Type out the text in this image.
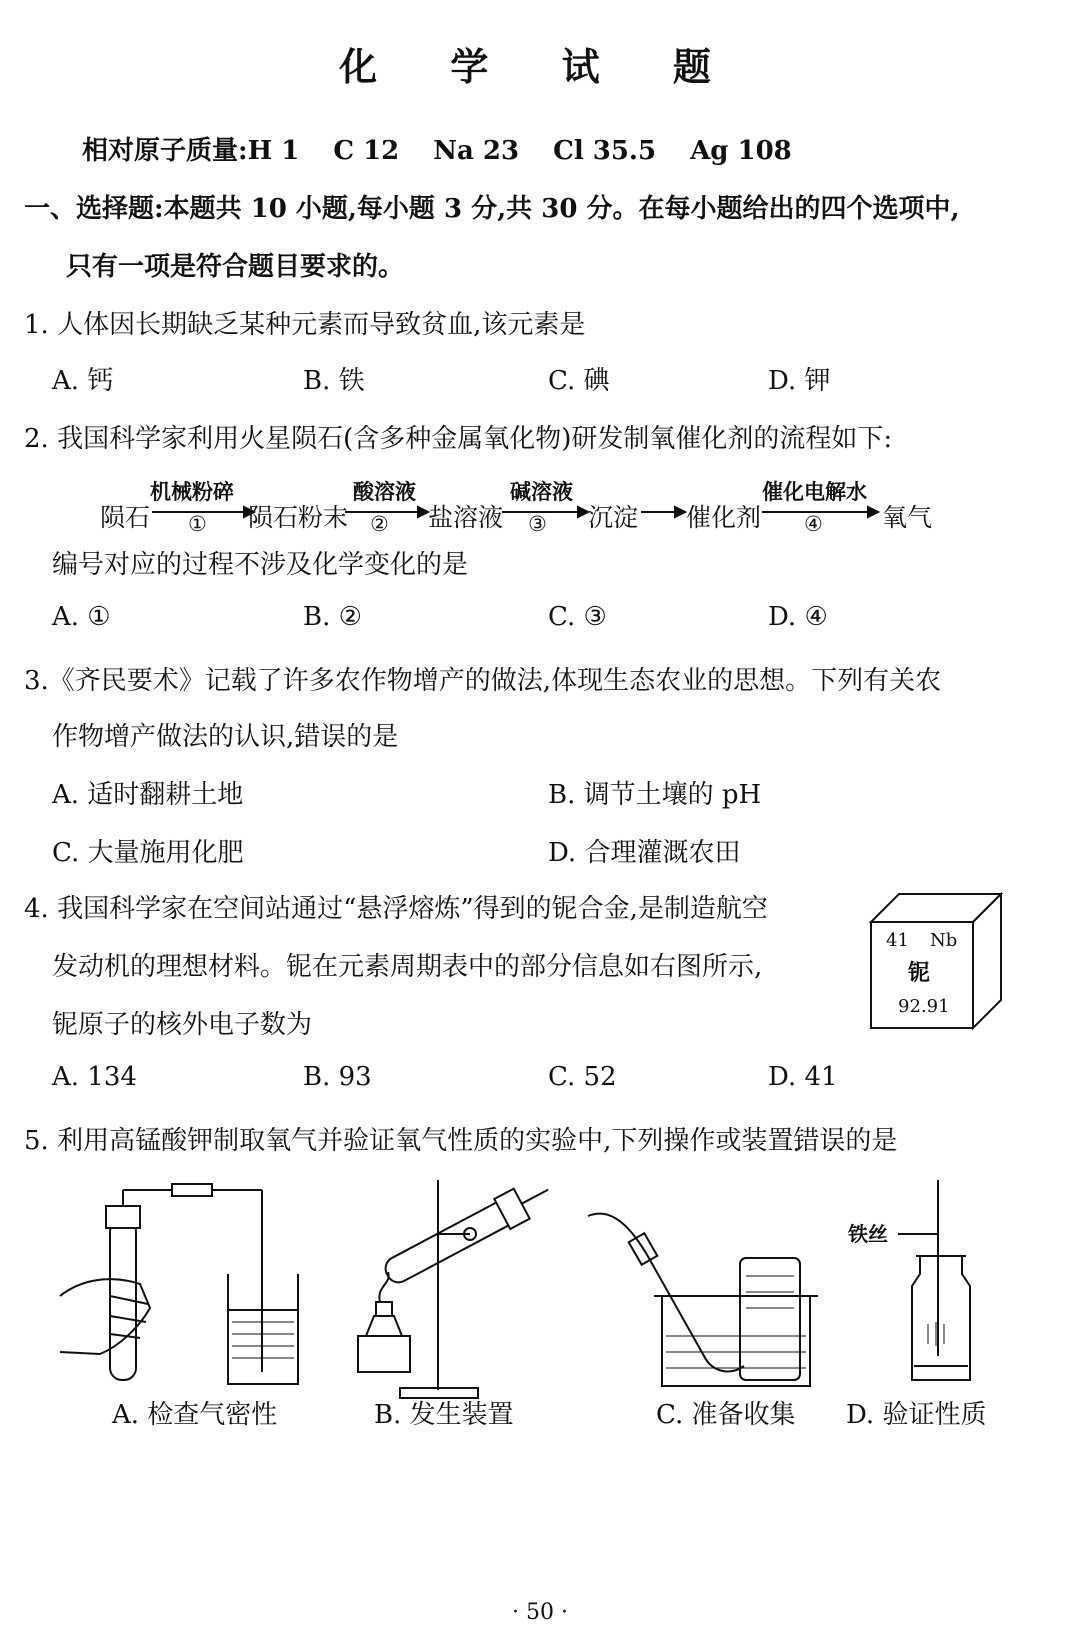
化 学 试 题
相对原子质量:H 1 C 12 Na 23 Cl 35.5 Ag 108
一、选择题:本题共 10 小题,每小题 3 分,共 30 分。在每小题给出的四个选项中,
只有一项是符合题目要求的。
1. 人体因长期缺乏某种元素而导致贫血,该元素是
A. 钙	B. 铁	C. 碘	D. 钾
2. 我国科学家利用火星陨石(含多种金属氧化物)研发制氧催化剂的流程如下:
陨石	陨石粉末	盐溶液	沉淀 催化剂	氧气
机械粉碎	酸溶液	碱溶液	催化电解水
①	②	③	④
编号对应的过程不涉及化学变化的是
A. ①	B. ②	C. ③	D. ④
3.《齐民要术》记载了许多农作物增产的做法,体现生态农业的思想。下列有关农
作物增产做法的认识,错误 • •的是
A. 适时翻耕土地	B. 调节土壤的 pH
C. 大量施用化肥	D. 合理灌溉农田
4. 我国科学家在空间站通过“悬浮熔炼”得到的铌合金,是制造航空
发动机的理想材料。铌在元素周期表中的部分信息如右图所示,
铌原子的核外电子数为
41 Nb
铌
92.91
A. 134	B. 93	C. 52	D. 41
5. 利用高锰酸钾制取氧气并验证氧气性质的实验中,下列操作或装置错误 • •的是
铁丝
A. 检查气密性	B. 发生装置	C. 准备收集 D. 验证性质
· 50 ·
